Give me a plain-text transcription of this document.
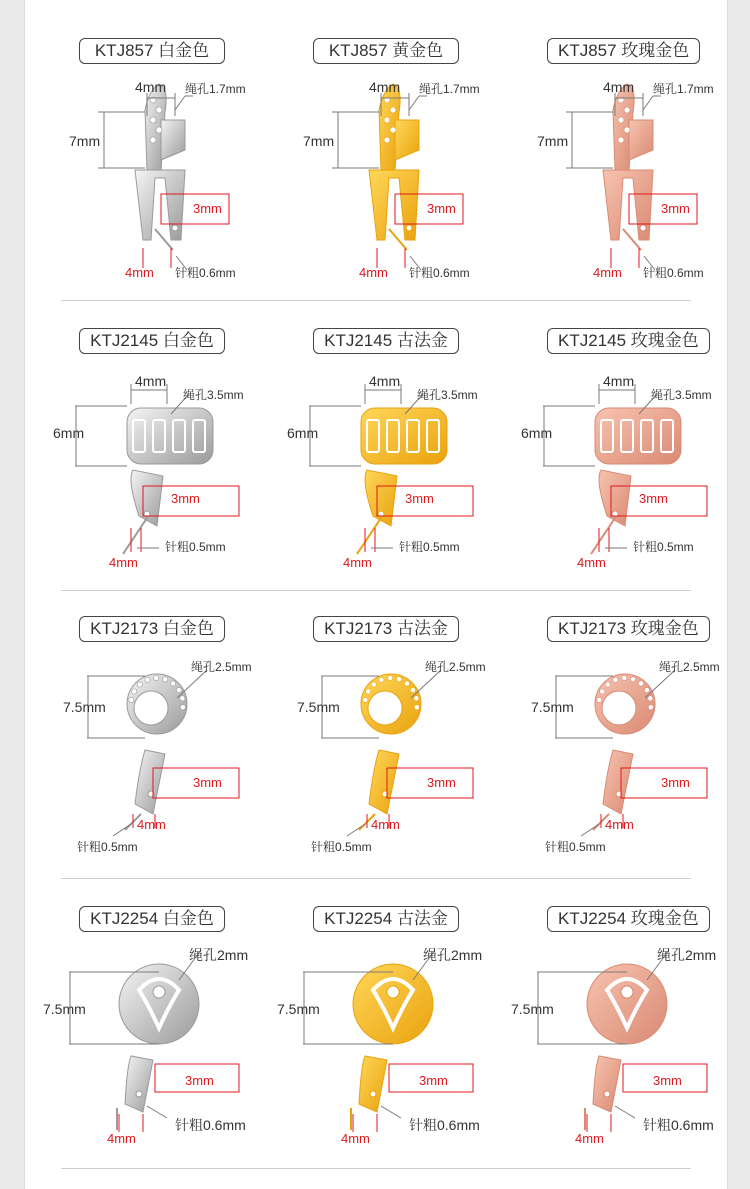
KTJ857 白金色
4mm 绳孔1.7mm
7mm
3mm
4mm 针粗0.6mm
KTJ857 黄金色
4mm 绳孔1.7mm
7mm
3mm
4mm 针粗0.6mm
KTJ857 玫瑰金色
4mm 绳孔1.7mm
7mm
3mm
4mm 针粗0.6mm
KTJ2145 白金色
4mm
绳孔3.5mm
6mm
3mm
4mm
针粗0.5mm
KTJ2145 古法金
4mm
绳孔3.5mm
6mm
3mm
4mm
针粗0.5mm
KTJ2145 玫瑰金色
4mm
绳孔3.5mm
6mm
3mm
4mm
针粗0.5mm
KTJ2173 白金色
绳孔2.5mm
7.5mm
3mm
4mm
针粗0.5mm
KTJ2173 古法金
绳孔2.5mm
7.5mm
3mm
4mm
针粗0.5mm
KTJ2173 玫瑰金色
绳孔2.5mm
7.5mm
3mm
4mm
针粗0.5mm
KTJ2254 白金色
绳孔2mm
7.5mm
3mm
4mm
针粗0.6mm
KTJ2254 古法金
绳孔2mm
7.5mm
3mm
4mm
针粗0.6mm
KTJ2254 玫瑰金色
绳孔2mm
7.5mm
3mm
4mm
针粗0.6mm
